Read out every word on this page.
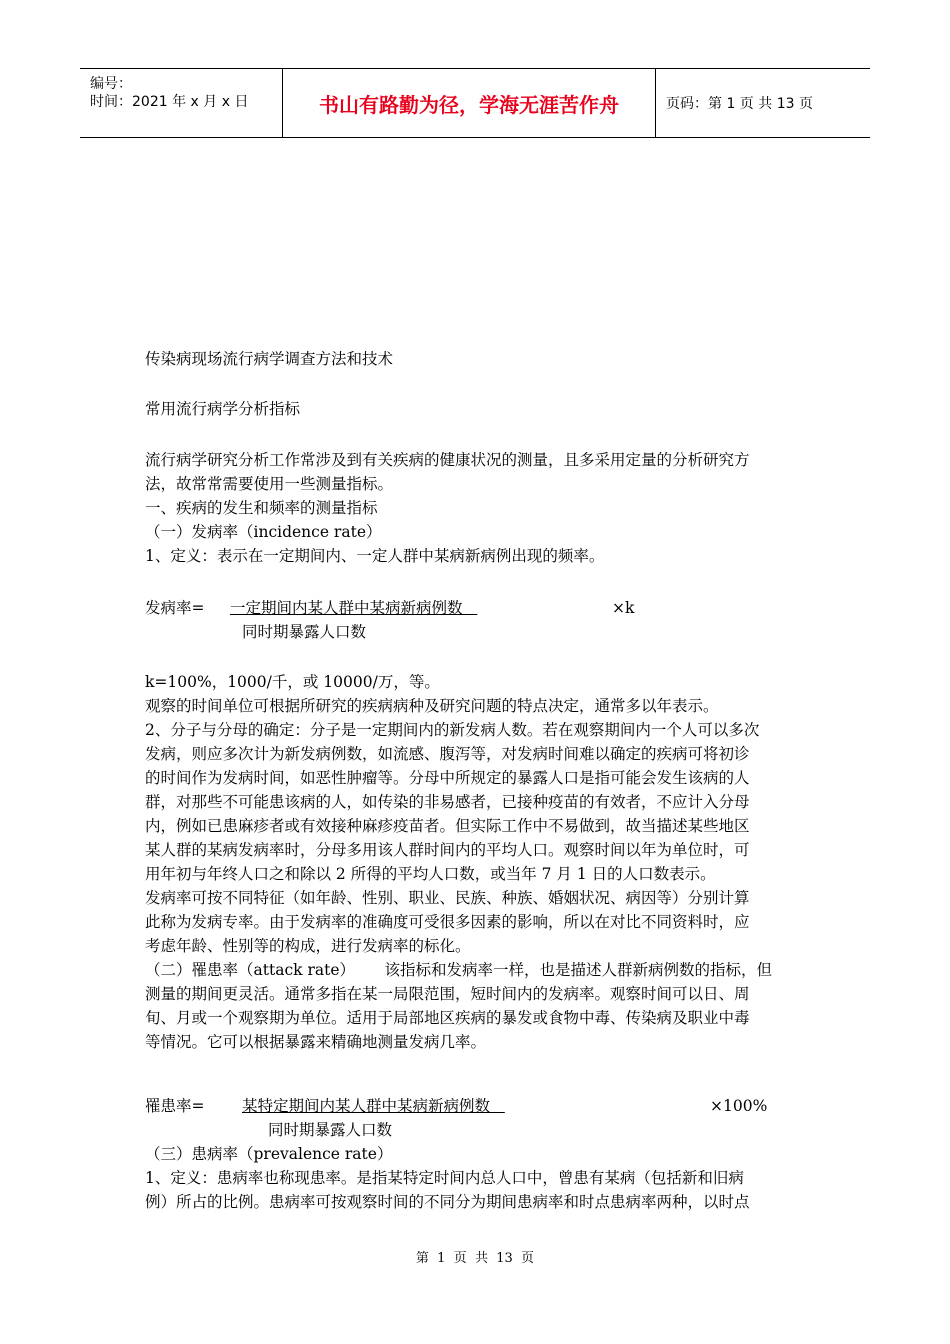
编号：
时间：2021 年 x 月 x 日	书山有路勤为径，学海无涯苦作舟	页码：第 1 页 共 13 页
传染病现场流行病学调查方法和技术
常用流行病学分析指标
流行病学研究分析工作常涉及到有关疾病的健康状况的测量，且多采用定量的分析研究方
法，故常常需要使用一些测量指标。
一、疾病的发生和频率的测量指标
（一）发病率（incidence rate）
1、定义：表示在一定期间内、一定人群中某病新病例出现的频率。
发病率= 一定期间内某人群中某病新病例数	×k
同时期暴露人口数
k=100%，1000/千，或 10000/万，等。
观察的时间单位可根据所研究的疾病病种及研究问题的特点决定，通常多以年表示。
2、分子与分母的确定：分子是一定期间内的新发病人数。若在观察期间内一个人可以多次
发病，则应多次计为新发病例数，如流感、腹泻等，对发病时间难以确定的疾病可将初诊
的时间作为发病时间，如恶性肿瘤等。分母中所规定的暴露人口是指可能会发生该病的人
群，对那些不可能患该病的人，如传染的非易感者，已接种疫苗的有效者，不应计入分母
内，例如已患麻疹者或有效接种麻疹疫苗者。但实际工作中不易做到，故当描述某些地区
某人群的某病发病率时，分母多用该人群时间内的平均人口。观察时间以年为单位时，可
用年初与年终人口之和除以 2 所得的平均人口数，或当年 7 月 1 日的人口数表示。
发病率可按不同特征（如年龄、性别、职业、民族、种族、婚姻状况、病因等）分别计算
此称为发病专率。由于发病率的准确度可受很多因素的影响，所以在对比不同资料时，应
考虑年龄、性别等的构成，进行发病率的标化。
（二）罹患率（attack rate）      该指标和发病率一样，也是描述人群新病例数的指标，但
测量的期间更灵活。通常多指在某一局限范围，短时间内的发病率。观察时间可以日、周
旬、月或一个观察期为单位。适用于局部地区疾病的暴发或食物中毒、传染病及职业中毒
等情况。它可以根据暴露来精确地测量发病几率。
罹患率= 某特定期间内某人群中某病新病例数	×100%
同时期暴露人口数
（三）患病率（prevalence rate）
1、定义：患病率也称现患率。是指某特定时间内总人口中，曾患有某病（包括新和旧病
例）所占的比例。患病率可按观察时间的不同分为期间患病率和时点患病率两种，以时点
第  1  页  共  13  页
